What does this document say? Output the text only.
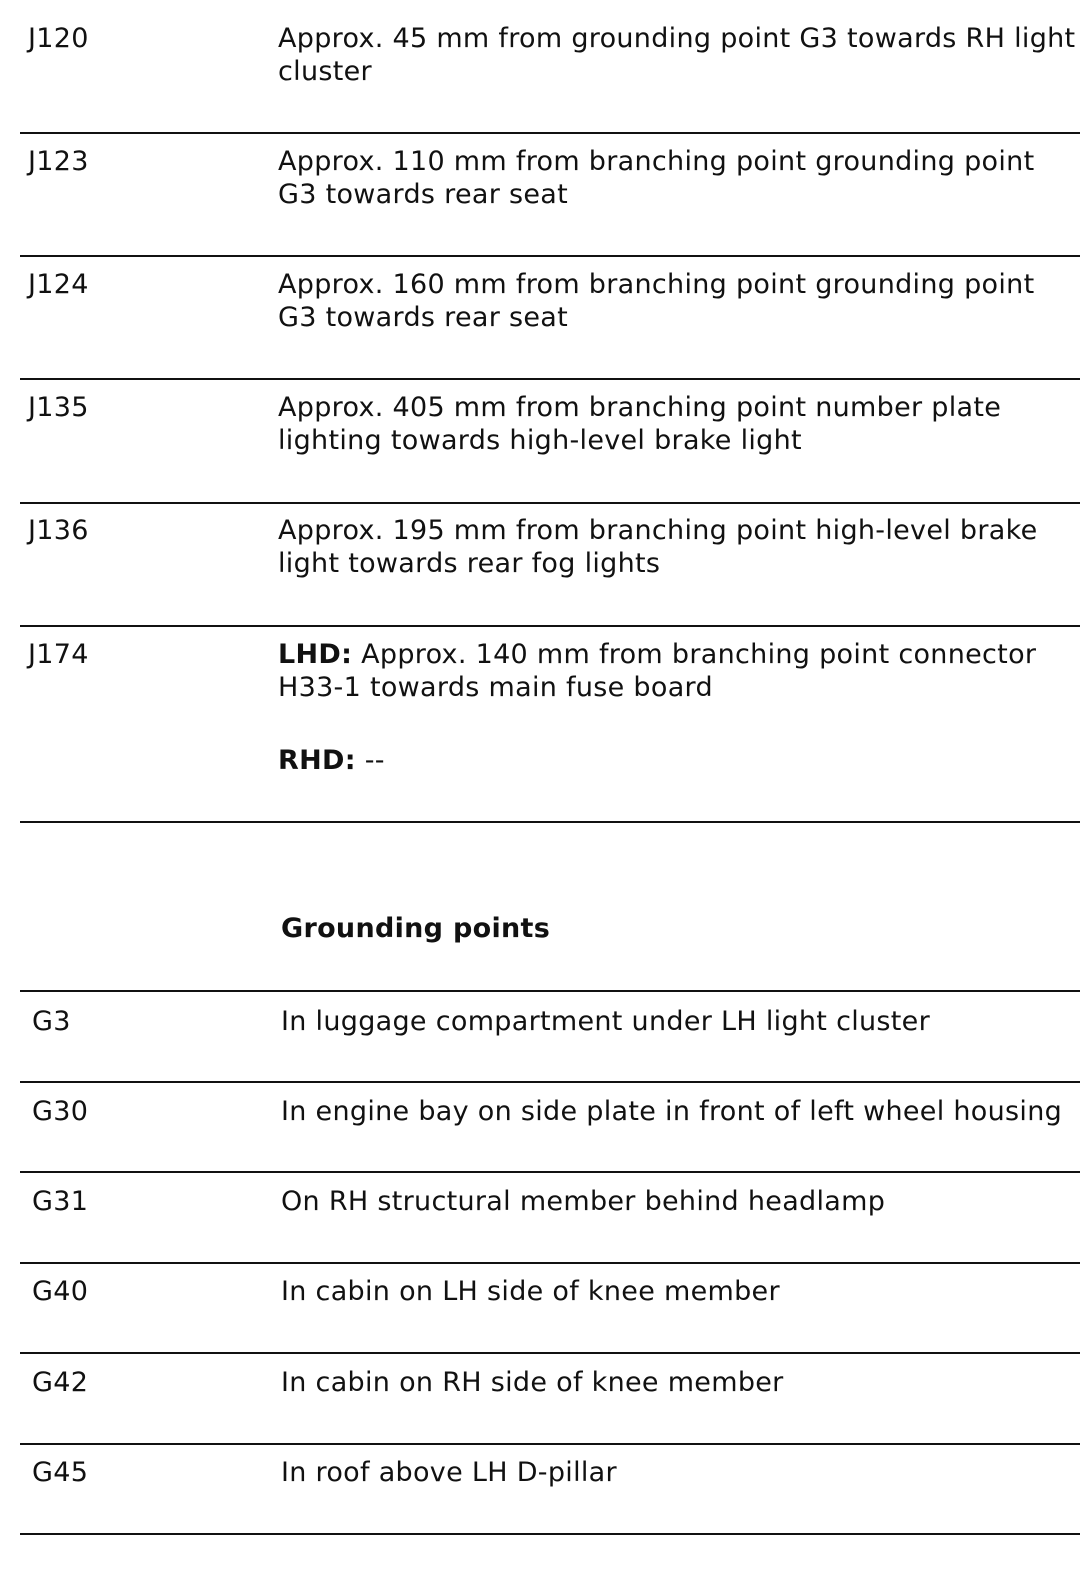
J120	Approx. 45 mm from grounding point G3 towards RH light cluster
J123	Approx. 110 mm from branching point grounding point G3 towards rear seat
J124	Approx. 160 mm from branching point grounding point G3 towards rear seat
J135	Approx. 405 mm from branching point number plate lighting towards high-level brake light
J136	Approx. 195 mm from branching point high-level brake light towards rear fog lights
J174	LHD: Approx. 140 mm from branching point connector H33-1 towards main fuse board
RHD: --
Grounding points
G3	In luggage compartment under LH light cluster
G30	In engine bay on side plate in front of left wheel housing
G31	On RH structural member behind headlamp
G40	In cabin on LH side of knee member
G42	In cabin on RH side of knee member
G45	In roof above LH D-pillar
